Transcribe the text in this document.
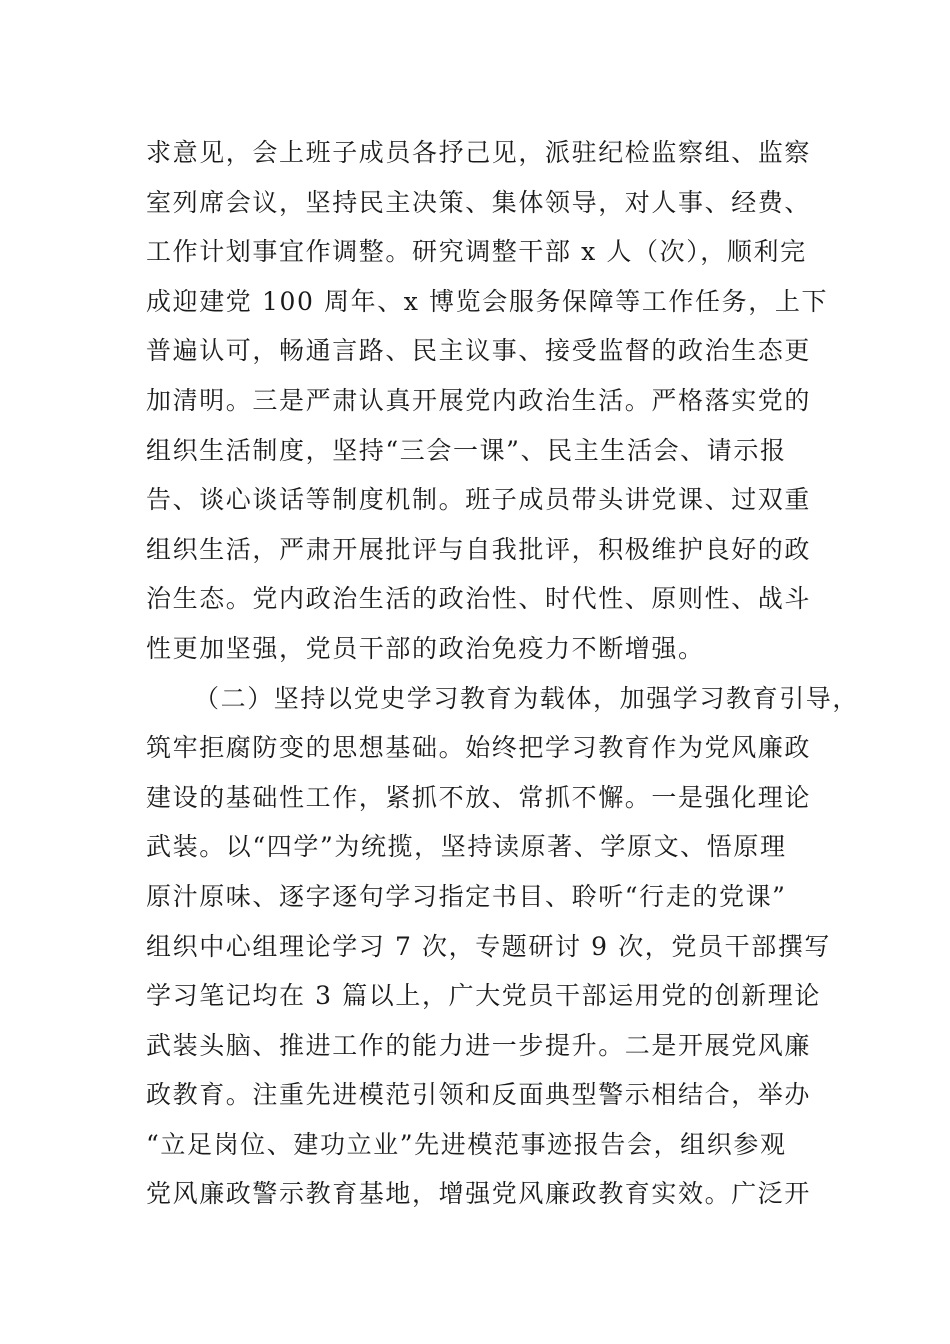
求意见，会上班子成员各抒己见，派驻纪检监察组、监察
室列席会议，坚持民主决策、集体领导，对人事、经费、
工作计划事宜作调整。研究调整干部 x 人（次），顺利完
成迎建党 100 周年、x 博览会服务保障等工作任务，上下
普遍认可，畅通言路、民主议事、接受监督的政治生态更
加清明。三是严肃认真开展党内政治生活。严格落实党的
组织生活制度，坚持“三会一课”、民主生活会、请示报
告、谈心谈话等制度机制。班子成员带头讲党课、过双重
组织生活，严肃开展批评与自我批评，积极维护良好的政
治生态。党内政治生活的政治性、时代性、原则性、战斗
性更加坚强，党员干部的政治免疫力不断增强。
（二）坚持以党史学习教育为载体，加强学习教育引导，
筑牢拒腐防变的思想基础。始终把学习教育作为党风廉政
建设的基础性工作，紧抓不放、常抓不懈。一是强化理论
武装。以“四学”为统揽，坚持读原著、学原文、悟原理
原汁原味、逐字逐句学习指定书目、聆听“行走的党课”
组织中心组理论学习 7 次，专题研讨 9 次，党员干部撰写
学习笔记均在 3 篇以上，广大党员干部运用党的创新理论
武装头脑、推进工作的能力进一步提升。二是开展党风廉
政教育。注重先进模范引领和反面典型警示相结合，举办
“立足岗位、建功立业”先进模范事迹报告会，组织参观
党风廉政警示教育基地，增强党风廉政教育实效。广泛开
